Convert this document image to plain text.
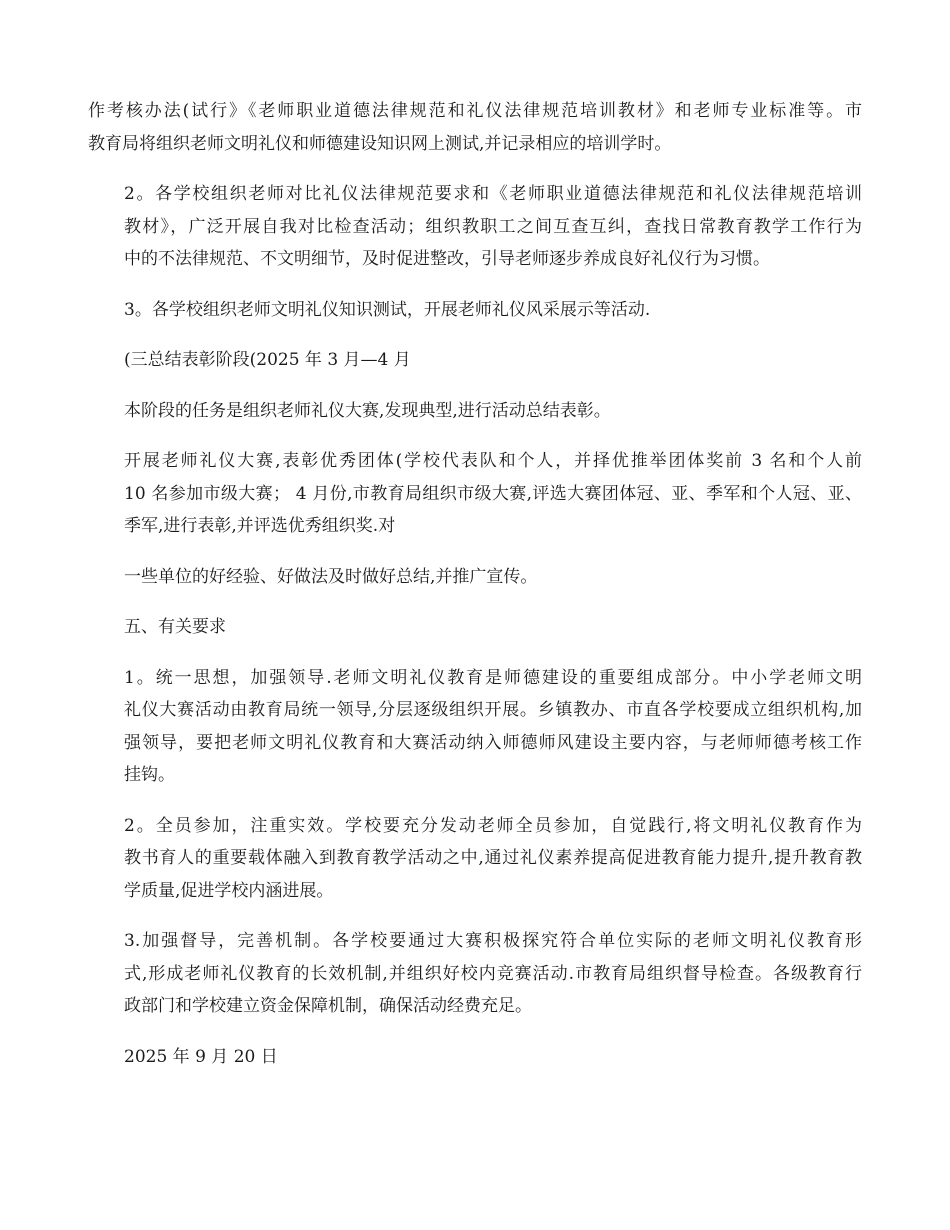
作考核办法(试行》《老师职业道德法律规范和礼仪法律规范培训教材》和老师专业标准等。市
教育局将组织老师文明礼仪和师德建设知识网上测试,并记录相应的培训学时。

2。各学校组织老师对比礼仪法律规范要求和《老师职业道德法律规范和礼仪法律规范培训
教材》，广泛开展自我对比检查活动；组织教职工之间互查互纠，查找日常教育教学工作行为
中的不法律规范、不文明细节，及时促进整改，引导老师逐步养成良好礼仪行为习惯。

3。各学校组织老师文明礼仪知识测试，开展老师礼仪风采展示等活动.

(三总结表彰阶段(2025 年 3 月—4 月

本阶段的任务是组织老师礼仪大赛,发现典型,进行活动总结表彰。

开展老师礼仪大赛,表彰优秀团体(学校代表队和个人，并择优推举团体奖前 3 名和个人前
10 名参加市级大赛； 4 月份,市教育局组织市级大赛,评选大赛团体冠、亚、季军和个人冠、亚、
季军,进行表彰,并评选优秀组织奖.对

一些单位的好经验、好做法及时做好总结,并推广宣传。

五、有关要求

1。统一思想，加强领导.老师文明礼仪教育是师德建设的重要组成部分。中小学老师文明
礼仪大赛活动由教育局统一领导,分层逐级组织开展。乡镇教办、市直各学校要成立组织机构,加
强领导，要把老师文明礼仪教育和大赛活动纳入师德师风建设主要内容，与老师师德考核工作
挂钩。

2。全员参加，注重实效。学校要充分发动老师全员参加，自觉践行,将文明礼仪教育作为
教书育人的重要载体融入到教育教学活动之中,通过礼仪素养提高促进教育能力提升,提升教育教
学质量,促进学校内涵进展。

3.加强督导，完善机制。各学校要通过大赛积极探究符合单位实际的老师文明礼仪教育形
式,形成老师礼仪教育的长效机制,并组织好校内竞赛活动.市教育局组织督导检查。各级教育行
政部门和学校建立资金保障机制，确保活动经费充足。

2025 年 9 月 20 日
